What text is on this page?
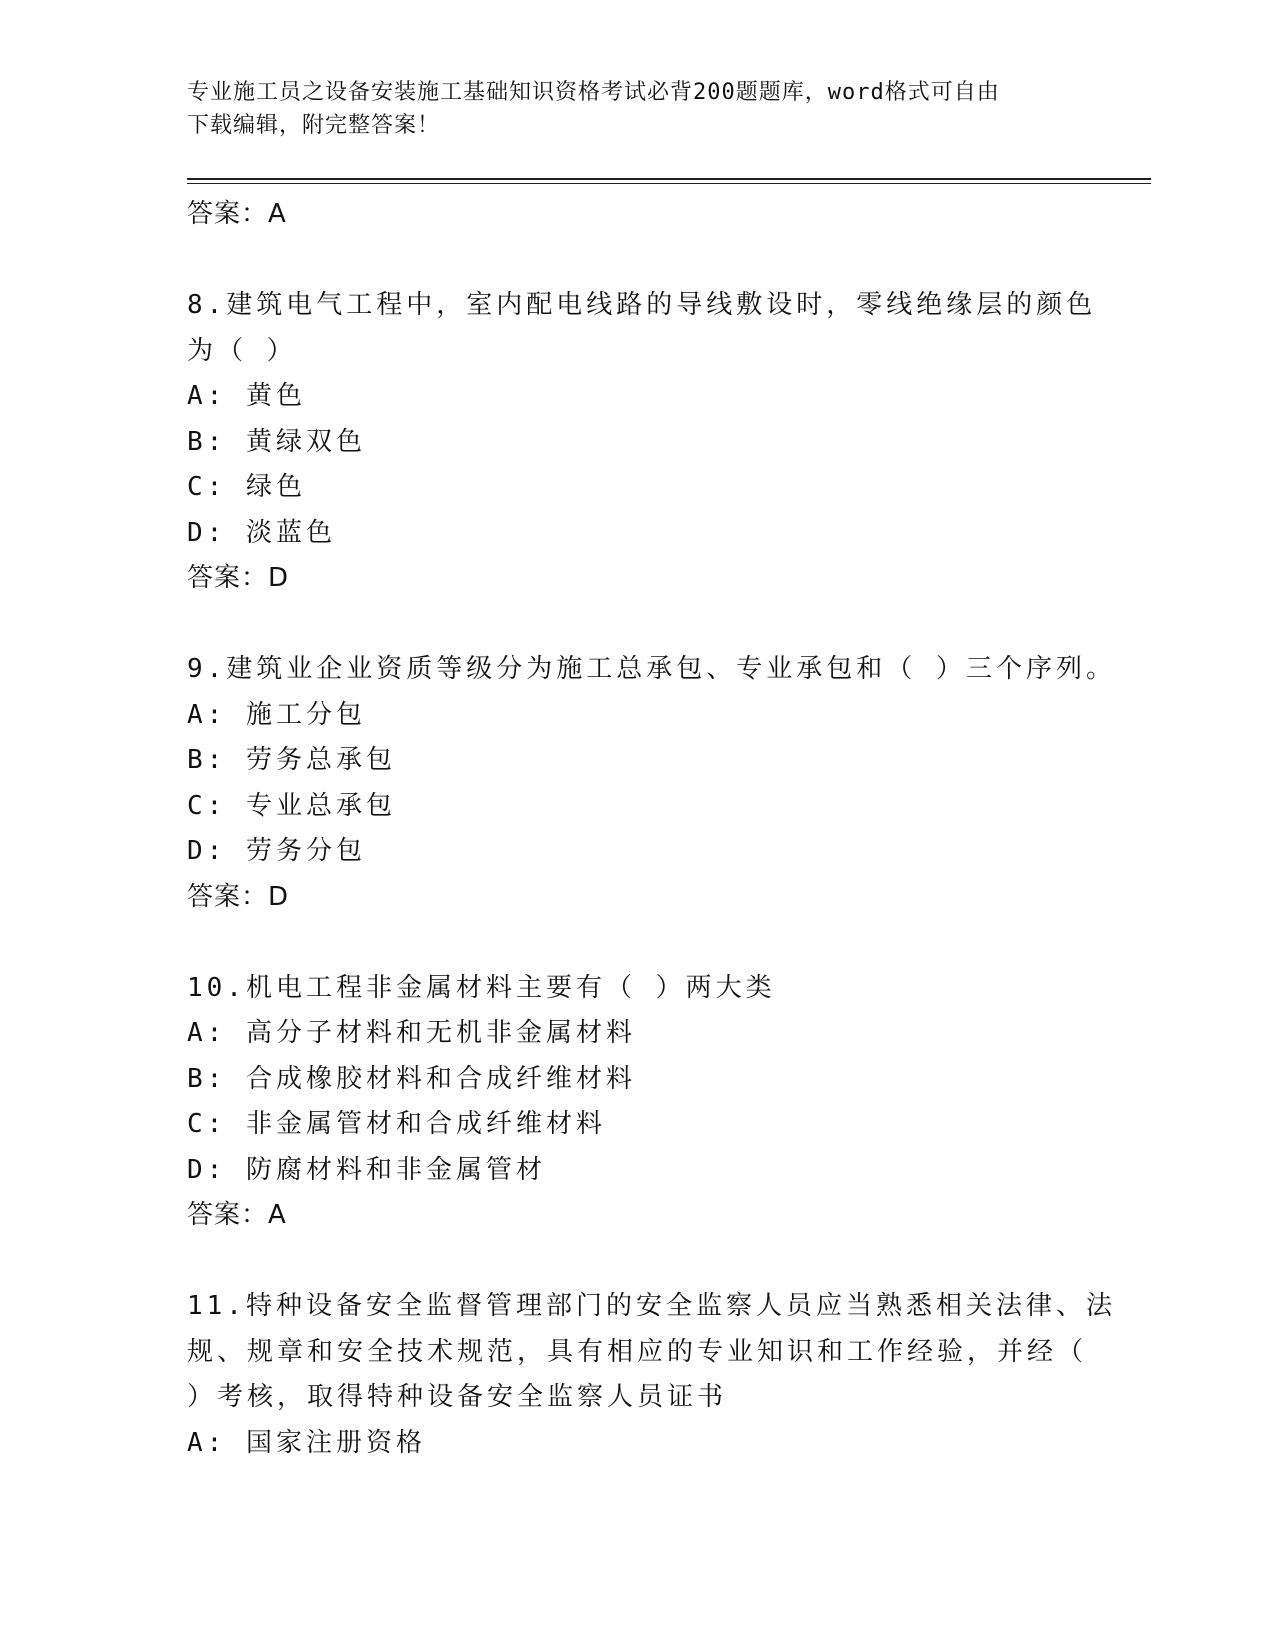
专业施工员之设备安装施工基础知识资格考试必背200题题库，word格式可自由
下载编辑，附完整答案！
答案：A
8.建筑电气工程中，室内配电线路的导线敷设时，零线绝缘层的颜色
为（ ）
A: 黄色
B: 黄绿双色
C: 绿色
D: 淡蓝色
答案：D
9.建筑业企业资质等级分为施工总承包、专业承包和（ ）三个序列。
A: 施工分包
B: 劳务总承包
C: 专业总承包
D: 劳务分包
答案：D
10.机电工程非金属材料主要有（ ）两大类
A: 高分子材料和无机非金属材料
B: 合成橡胶材料和合成纤维材料
C: 非金属管材和合成纤维材料
D: 防腐材料和非金属管材
答案：A
11.特种设备安全监督管理部门的安全监察人员应当熟悉相关法律、法
规、规章和安全技术规范，具有相应的专业知识和工作经验，并经（
）考核，取得特种设备安全监察人员证书
A: 国家注册资格
